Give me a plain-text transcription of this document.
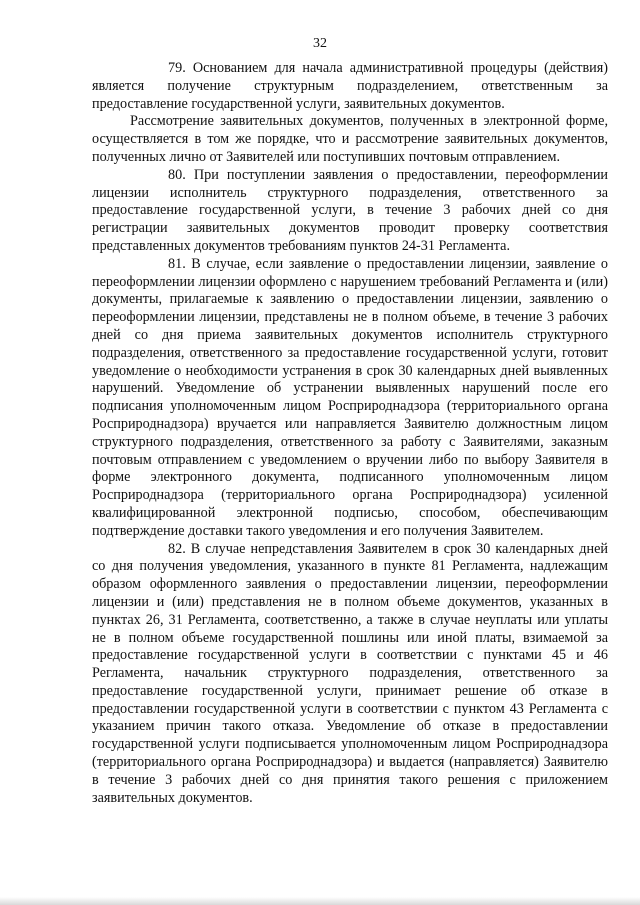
32

79. Основанием для начала административной процедуры (действия) является получение структурным подразделением, ответственным за предоставление государственной услуги, заявительных документов.

Рассмотрение заявительных документов, полученных в электронной форме, осуществляется в том же порядке, что и рассмотрение заявительных документов, полученных лично от Заявителей или поступивших почтовым отправлением.

80. При поступлении заявления о предоставлении, переоформлении лицензии исполнитель структурного подразделения, ответственного за предоставление государственной услуги, в течение 3 рабочих дней со дня регистрации заявительных документов проводит проверку соответствия представленных документов требованиям пунктов 24-31 Регламента.

81. В случае, если заявление о предоставлении лицензии, заявление о переоформлении лицензии оформлено с нарушением требований Регламента и (или) документы, прилагаемые к заявлению о предоставлении лицензии, заявлению о переоформлении лицензии, представлены не в полном объеме, в течение 3 рабочих дней со дня приема заявительных документов исполнитель структурного подразделения, ответственного за предоставление государственной услуги, готовит уведомление о необходимости устранения в срок 30 календарных дней выявленных нарушений. Уведомление об устранении выявленных нарушений после его подписания уполномоченным лицом Росприроднадзора (территориального органа Росприроднадзора) вручается или направляется Заявителю должностным лицом структурного подразделения, ответственного за работу с Заявителями, заказным почтовым отправлением с уведомлением о вручении либо по выбору Заявителя в форме электронного документа, подписанного уполномоченным лицом Росприроднадзора (территориального органа Росприроднадзора) усиленной квалифицированной электронной подписью, способом, обеспечивающим подтверждение доставки такого уведомления и его получения Заявителем.

82. В случае непредставления Заявителем в срок 30 календарных дней со дня получения уведомления, указанного в пункте 81 Регламента, надлежащим образом оформленного заявления о предоставлении лицензии, переоформлении лицензии и (или) представления не в полном объеме документов, указанных в пунктах 26, 31 Регламента, соответственно, а также в случае неуплаты или уплаты не в полном объеме государственной пошлины или иной платы, взимаемой за предоставление государственной услуги в соответствии с пунктами 45 и 46 Регламента, начальник структурного подразделения, ответственного за предоставление государственной услуги, принимает решение об отказе в предоставлении государственной услуги в соответствии с пунктом 43 Регламента с указанием причин такого отказа. Уведомление об отказе в предоставлении государственной услуги подписывается уполномоченным лицом Росприроднадзора (территориального органа Росприроднадзора) и выдается (направляется) Заявителю в течение 3 рабочих дней со дня принятия такого решения с приложением заявительных документов.
